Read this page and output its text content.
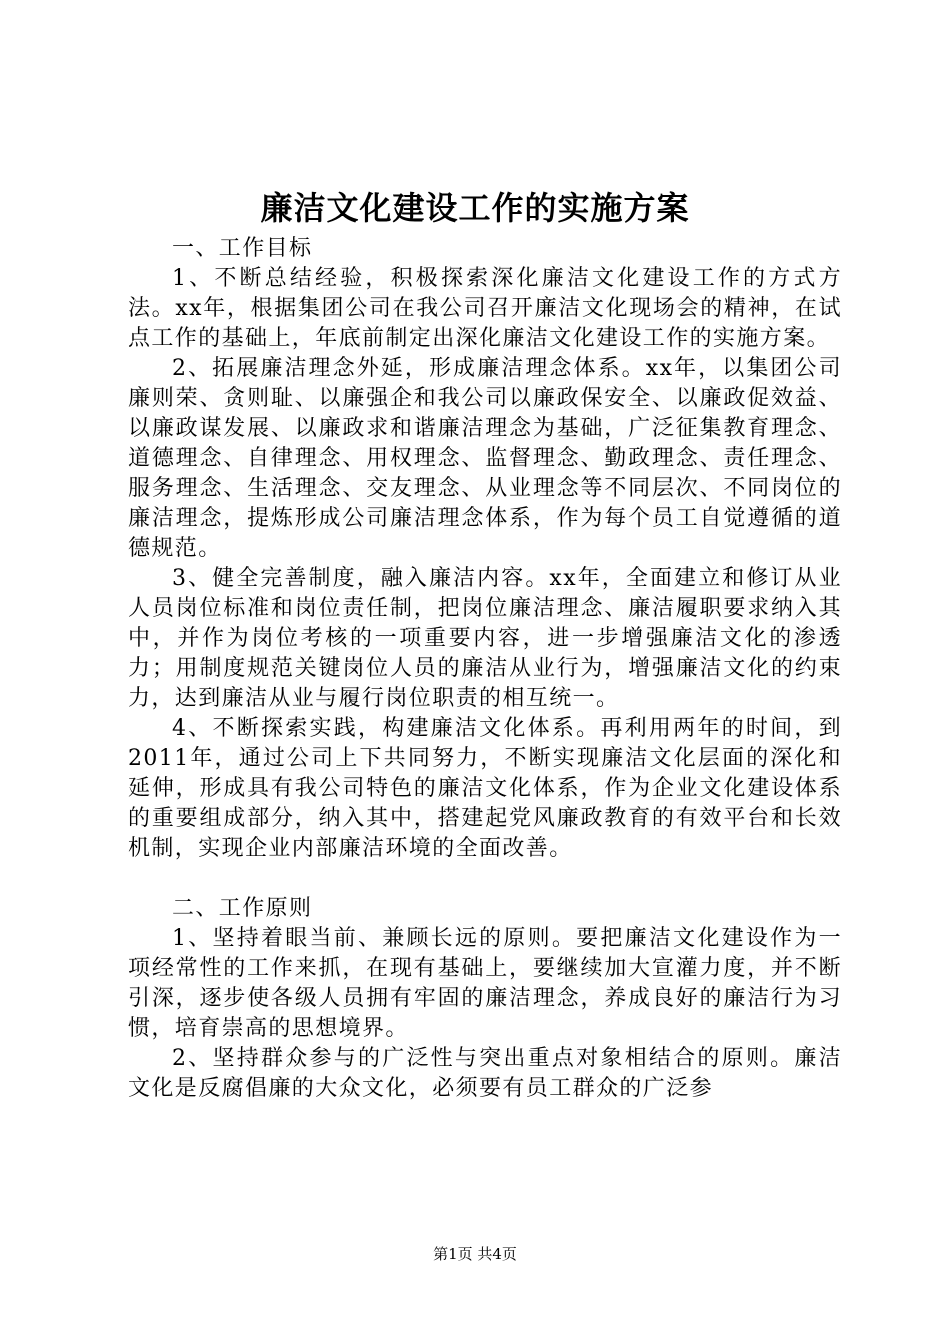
廉洁文化建设工作的实施方案

一、工作目标

1、不断总结经验，积极探索深化廉洁文化建设工作的方式方法。xx年，根据集团公司在我公司召开廉洁文化现场会的精神，在试点工作的基础上，年底前制定出深化廉洁文化建设工作的实施方案。

2、拓展廉洁理念外延，形成廉洁理念体系。xx年，以集团公司廉则荣、贪则耻、以廉强企和我公司以廉政保安全、以廉政促效益、以廉政谋发展、以廉政求和谐廉洁理念为基础，广泛征集教育理念、道德理念、自律理念、用权理念、监督理念、勤政理念、责任理念、服务理念、生活理念、交友理念、从业理念等不同层次、不同岗位的廉洁理念，提炼形成公司廉洁理念体系，作为每个员工自觉遵循的道德规范。

3、健全完善制度，融入廉洁内容。xx年，全面建立和修订从业人员岗位标准和岗位责任制，把岗位廉洁理念、廉洁履职要求纳入其中，并作为岗位考核的一项重要内容，进一步增强廉洁文化的渗透力；用制度规范关键岗位人员的廉洁从业行为，增强廉洁文化的约束力，达到廉洁从业与履行岗位职责的相互统一。

4、不断探索实践，构建廉洁文化体系。再利用两年的时间，到2011年，通过公司上下共同努力，不断实现廉洁文化层面的深化和延伸，形成具有我公司特色的廉洁文化体系，作为企业文化建设体系的重要组成部分，纳入其中，搭建起党风廉政教育的有效平台和长效机制，实现企业内部廉洁环境的全面改善。

二、工作原则

1、坚持着眼当前、兼顾长远的原则。要把廉洁文化建设作为一项经常性的工作来抓，在现有基础上，要继续加大宣灌力度，并不断引深，逐步使各级人员拥有牢固的廉洁理念，养成良好的廉洁行为习惯，培育崇高的思想境界。

2、坚持群众参与的广泛性与突出重点对象相结合的原则。廉洁文化是反腐倡廉的大众文化，必须要有员工群众的广泛参

第1页 共4页
